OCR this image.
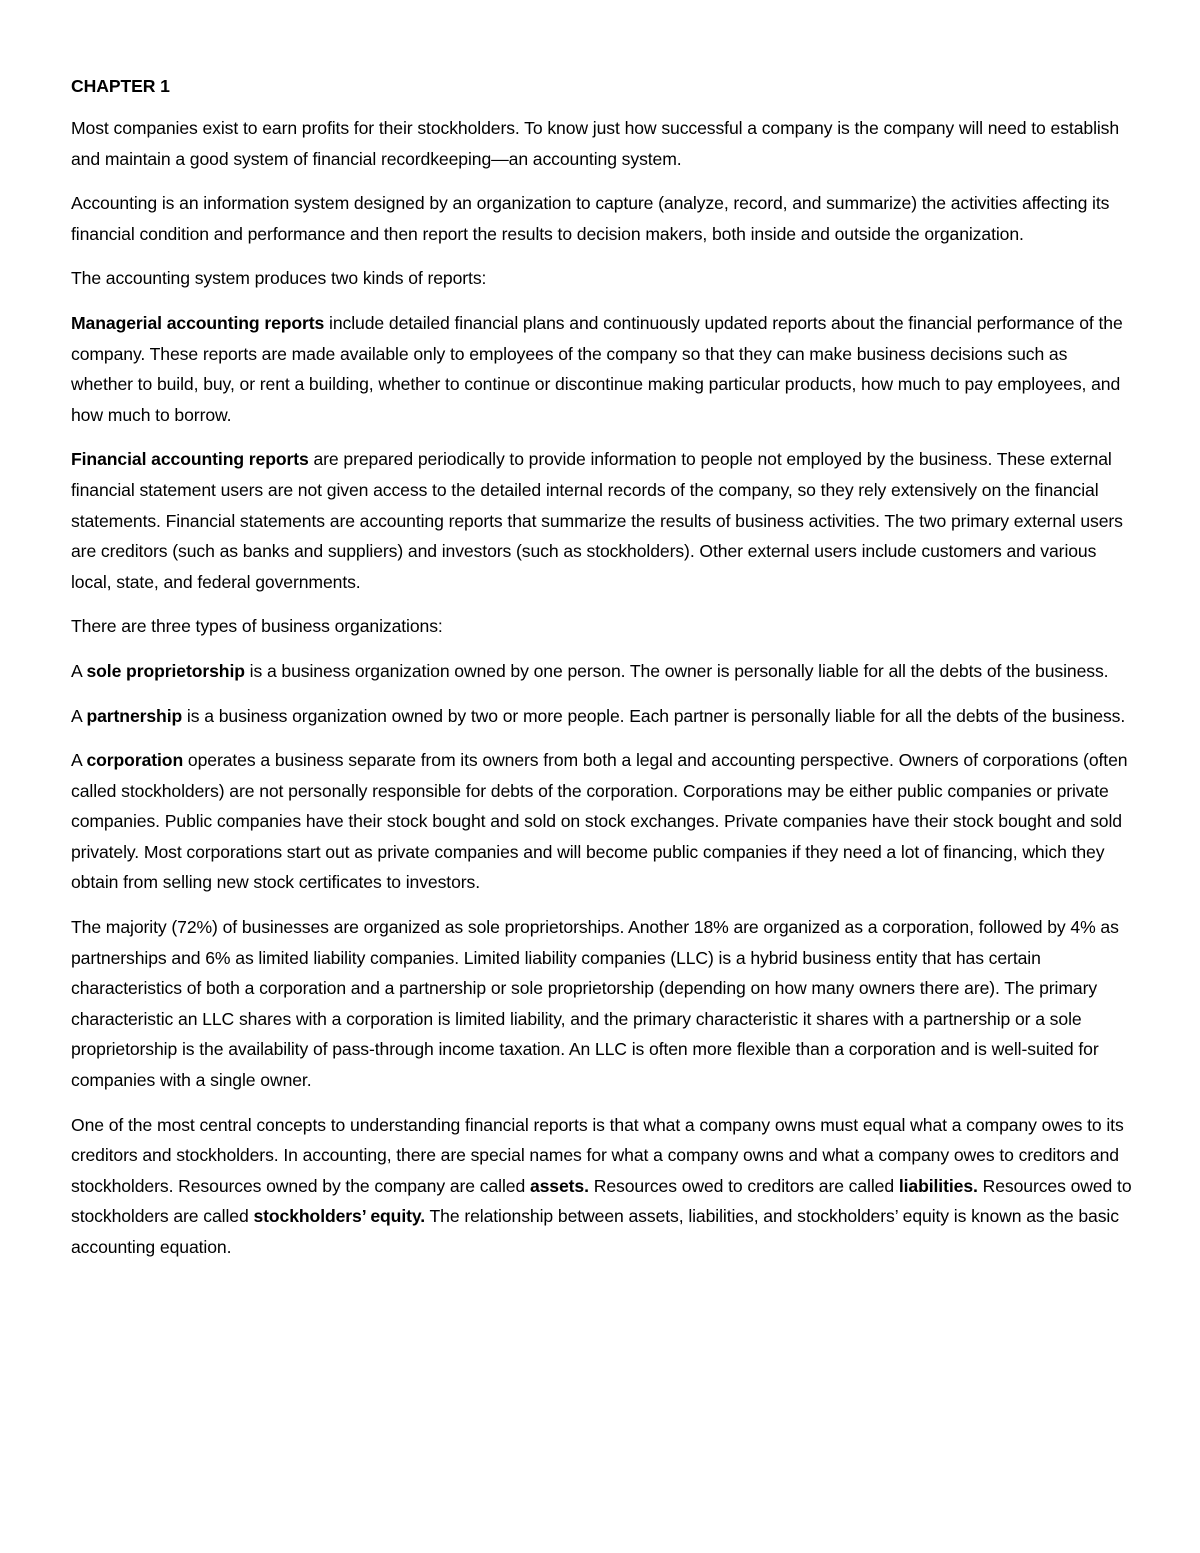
CHAPTER 1

Most companies exist to earn profits for their stockholders. To know just how successful a company is the company will need to establish and maintain a good system of financial recordkeeping—an accounting system.

Accounting is an information system designed by an organization to capture (analyze, record, and summarize) the activities affecting its financial condition and performance and then report the results to decision makers, both inside and outside the organization.

The accounting system produces two kinds of reports:

Managerial accounting reports include detailed financial plans and continuously updated reports about the financial performance of the company. These reports are made available only to employees of the company so that they can make business decisions such as whether to build, buy, or rent a building, whether to continue or discontinue making particular products, how much to pay employees, and how much to borrow.

Financial accounting reports are prepared periodically to provide information to people not employed by the business. These external financial statement users are not given access to the detailed internal records of the company, so they rely extensively on the financial statements. Financial statements are accounting reports that summarize the results of business activities. The two primary external users are creditors (such as banks and suppliers) and investors (such as stockholders). Other external users include customers and various local, state, and federal governments.

There are three types of business organizations:

A sole proprietorship is a business organization owned by one person. The owner is personally liable for all the debts of the business.

A partnership is a business organization owned by two or more people. Each partner is personally liable for all the debts of the business.

A corporation operates a business separate from its owners from both a legal and accounting perspective. Owners of corporations (often called stockholders) are not personally responsible for debts of the corporation. Corporations may be either public companies or private companies. Public companies have their stock bought and sold on stock exchanges. Private companies have their stock bought and sold privately. Most corporations start out as private companies and will become public companies if they need a lot of financing, which they obtain from selling new stock certificates to investors.

The majority (72%) of businesses are organized as sole proprietorships. Another 18% are organized as a corporation, followed by 4% as partnerships and 6% as limited liability companies. Limited liability companies (LLC) is a hybrid business entity that has certain characteristics of both a corporation and a partnership or sole proprietorship (depending on how many owners there are). The primary characteristic an LLC shares with a corporation is limited liability, and the primary characteristic it shares with a partnership or a sole proprietorship is the availability of pass-through income taxation. An LLC is often more flexible than a corporation and is well-suited for companies with a single owner.

One of the most central concepts to understanding financial reports is that what a company owns must equal what a company owes to its creditors and stockholders. In accounting, there are special names for what a company owns and what a company owes to creditors and stockholders. Resources owned by the company are called assets. Resources owed to creditors are called liabilities. Resources owed to stockholders are called stockholders’ equity. The relationship between assets, liabilities, and stockholders’ equity is known as the basic accounting equation.
